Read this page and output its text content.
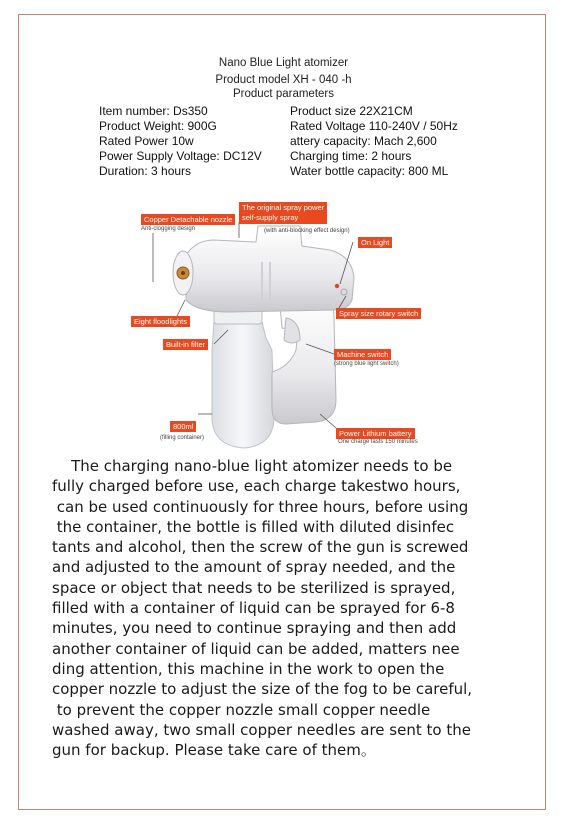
Nano Blue Light atomizer
Product model XH - 040 -h
Product parameters
Item number: Ds350
Product Weight: 900G
Rated Power 10w
Power Supply Voltage: DC12V
Duration: 3 hours
Product size 22X21CM
Rated Voltage 110-240V / 50Hz
attery capacity: Mach 2,600
Charging time: 2 hours
Water bottle capacity: 800 ML
Copper Detachable nozzle
Anti-clogging design
The original spray power
self-supply spray
(with anti-blocking effect design)
On Light
Spray size rotary switch
Eight floodlights
Built-in filter
Machine switch
(strong blue light switch)
800ml
(filling container)	Power Lithium battery
One charge lasts 150 minutes
The charging nano-blue light atomizer needs to be
fully charged before use, each charge takestwo hours,
can be used continuously for three hours, before using
the container, the bottle is filled with diluted disinfec
tants and alcohol, then the screw of the gun is screwed
and adjusted to the amount of spray needed, and the
space or object that needs to be sterilized is sprayed,
filled with a container of liquid can be sprayed for 6-8
minutes, you need to continue spraying and then add
another container of liquid can be added, matters nee
ding attention, this machine in the work to open the
copper nozzle to adjust the size of the fog to be careful,
to prevent the copper nozzle small copper needle
washed away, two small copper needles are sent to the
gun for backup. Please take care of them。
